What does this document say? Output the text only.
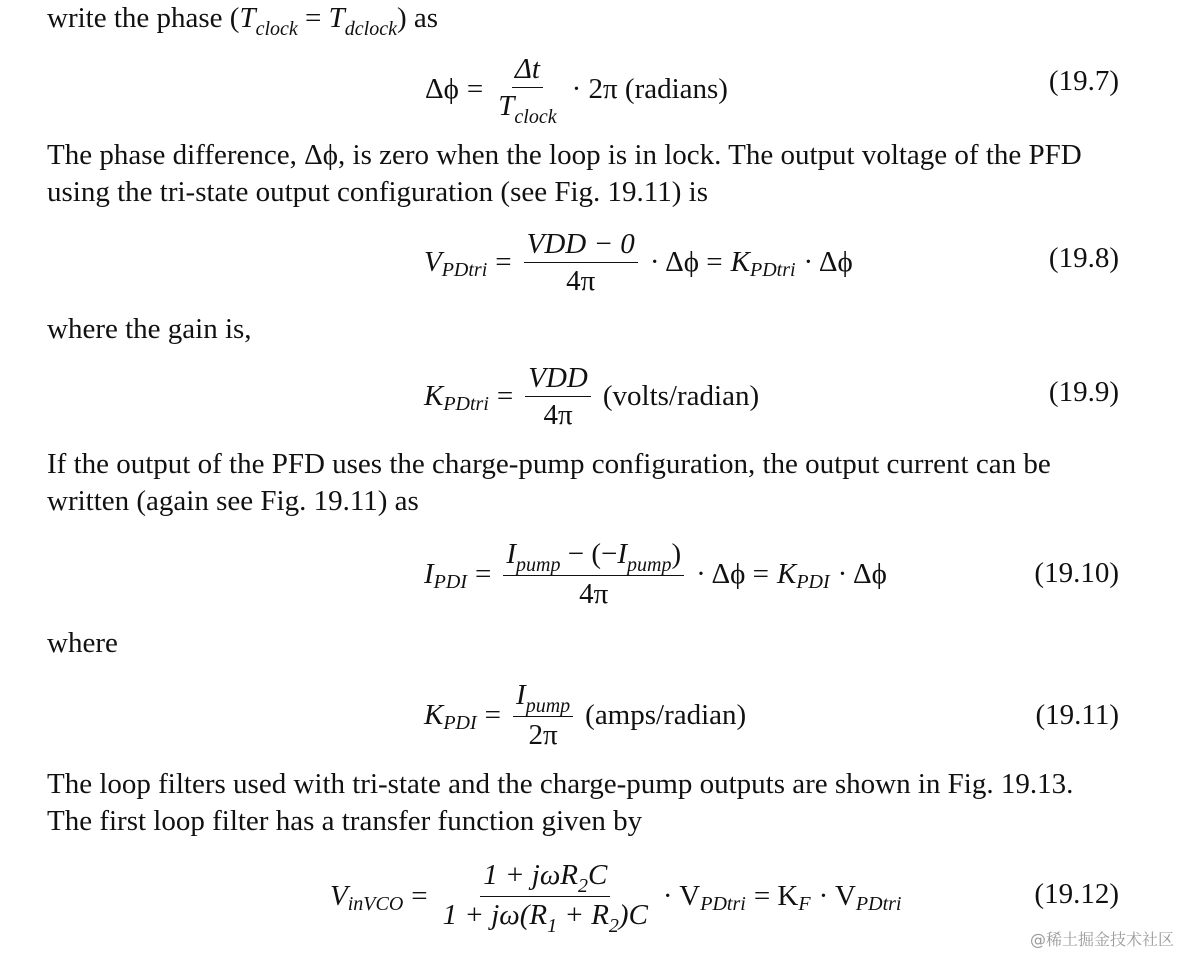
write the phase $(T_{clock} = T_{dclock})$ as

$\Delta\phi = \frac{\Delta t}{T_{clock}} \cdot 2\pi$ (radians)	(19.7)

The phase difference, Δϕ, is zero when the loop is in lock. The output voltage of the PFD

using the tri-state output configuration (see Fig. 19.11) is

V PDtri = $\frac{\text{VDD − 0}}{4\pi} \cdot \Delta\phi = K$ PDtri · Δϕ	(19.8)

where the gain is,

K PDtri = $\frac{\text{VDD}}{4\pi}$ (volts/radian)	(19.9)

If the output of the PFD uses the charge-pump configuration, the output current can be

written (again see Fig. 19.11) as

I PDI = $\frac{I_{pump} - (-I_{pump})}{4\pi} \cdot \Delta\phi = K$ PDI · Δϕ	(19.10)

where

K PDI = $\frac{I_{pump}}{2\pi}$ (amps/radian)	(19.11)

The loop filters used with tri-state and the charge-pump outputs are shown in Fig. 19.13.

The first loop filter has a transfer function given by

V inVCO = $\frac{1 + j\omega R_2C}{1 + j\omega(R_1 + R_2)C} \cdot V$ PDtri = K F · V PDtri	(19.12)
@稀土掘金技术社区
